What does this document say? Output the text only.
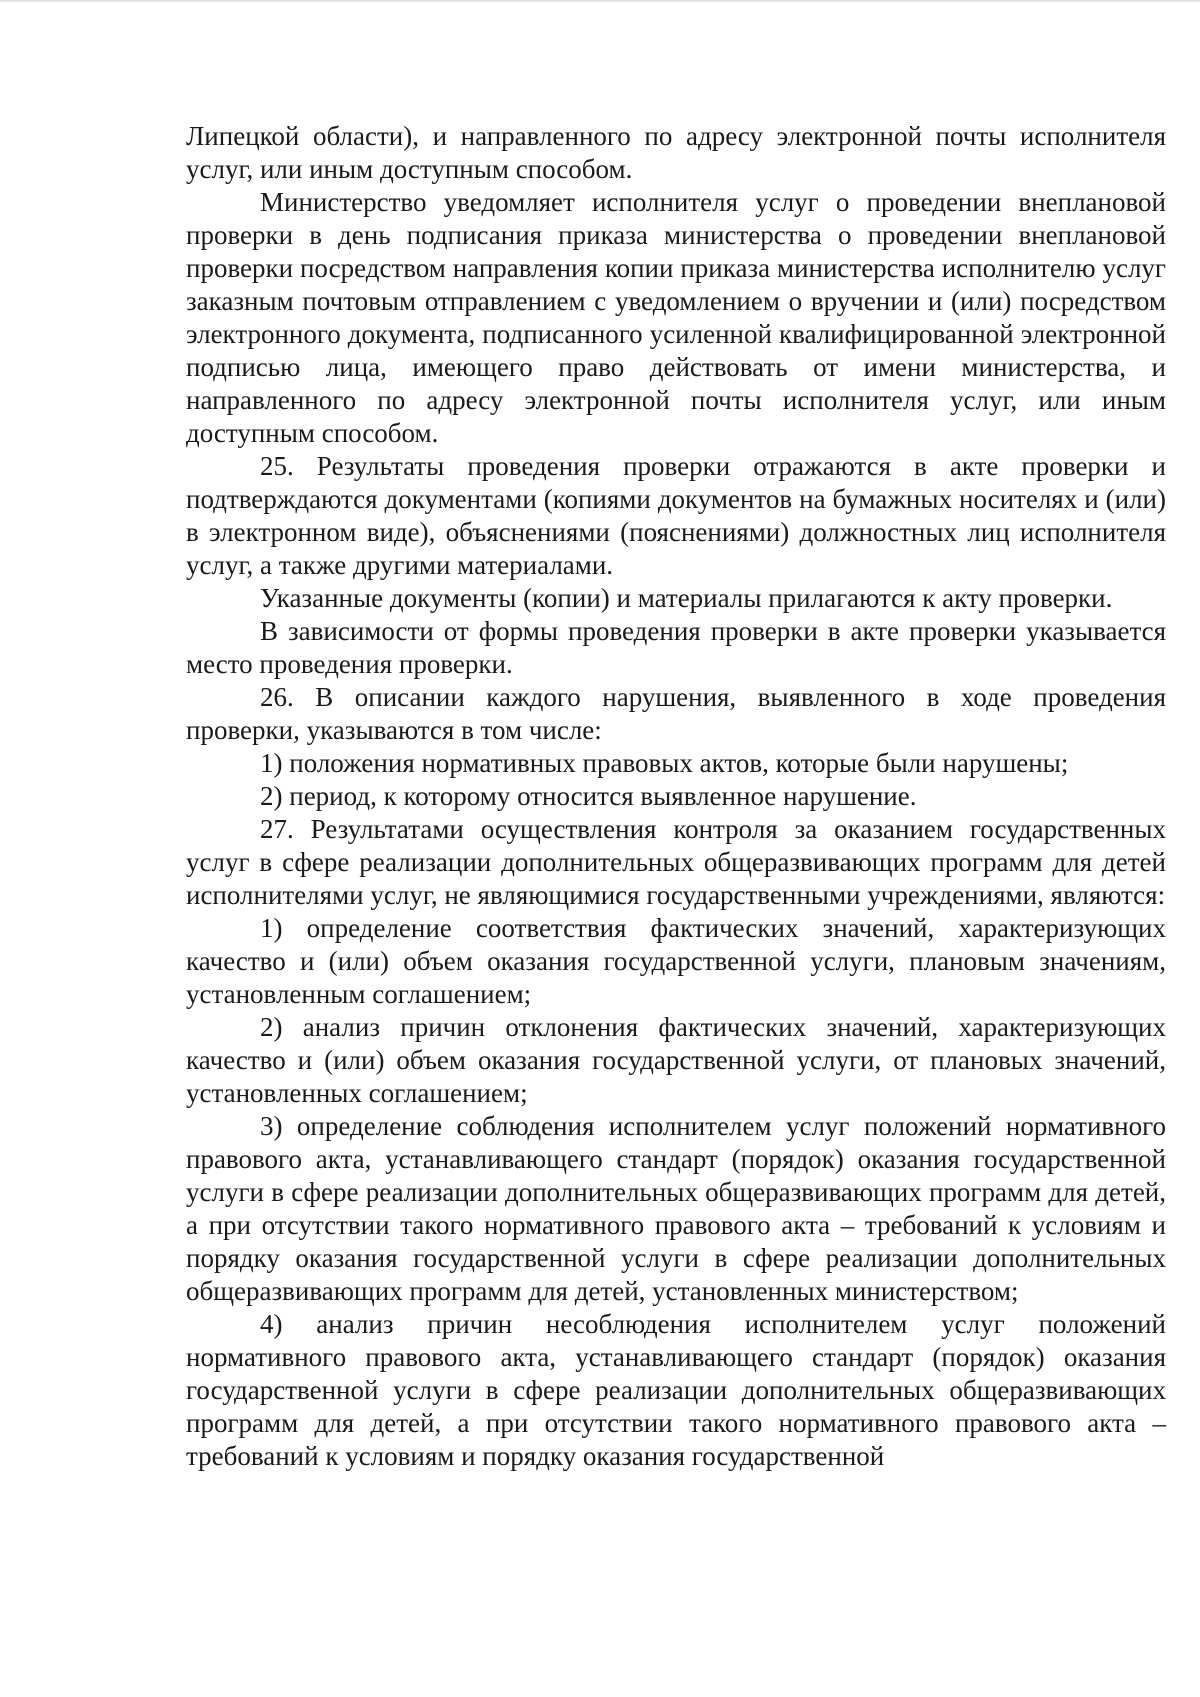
Липецкой области), и направленного по адресу электронной почты исполнителя услуг, или иным доступным способом.

Министерство уведомляет исполнителя услуг о проведении внеплановой проверки в день подписания приказа министерства о проведении внеплановой проверки посредством направления копии приказа министерства исполнителю услуг заказным почтовым отправлением с уведомлением о вручении и (или) посредством электронного документа, подписанного усиленной квалифицированной электронной подписью лица, имеющего право действовать от имени министерства, и направленного по адресу электронной почты исполнителя услуг, или иным доступным способом.

25. Результаты проведения проверки отражаются в акте проверки и подтверждаются документами (копиями документов на бумажных носителях и (или) в электронном виде), объяснениями (пояснениями) должностных лиц исполнителя услуг, а также другими материалами.

Указанные документы (копии) и материалы прилагаются к акту проверки.

В зависимости от формы проведения проверки в акте проверки указывается место проведения проверки.

26. В описании каждого нарушения, выявленного в ходе проведения проверки, указываются в том числе:

1) положения нормативных правовых актов, которые были нарушены;

2) период, к которому относится выявленное нарушение.

27. Результатами осуществления контроля за оказанием государственных услуг в сфере реализации дополнительных общеразвивающих программ для детей исполнителями услуг, не являющимися государственными учреждениями, являются:

1) определение соответствия фактических значений, характеризующих качество и (или) объем оказания государственной услуги, плановым значениям, установленным соглашением;

2) анализ причин отклонения фактических значений, характеризующих качество и (или) объем оказания государственной услуги, от плановых значений, установленных соглашением;

3) определение соблюдения исполнителем услуг положений нормативного правового акта, устанавливающего стандарт (порядок) оказания государственной услуги в сфере реализации дополнительных общеразвивающих программ для детей, а при отсутствии такого нормативного правового акта – требований к условиям и порядку оказания государственной услуги в сфере реализации дополнительных общеразвивающих программ для детей, установленных министерством;

4) анализ причин несоблюдения исполнителем услуг положений нормативного правового акта, устанавливающего стандарт (порядок) оказания государственной услуги в сфере реализации дополнительных общеразвивающих программ для детей, а при отсутствии такого нормативного правового акта – требований к условиям и порядку оказания государственной
